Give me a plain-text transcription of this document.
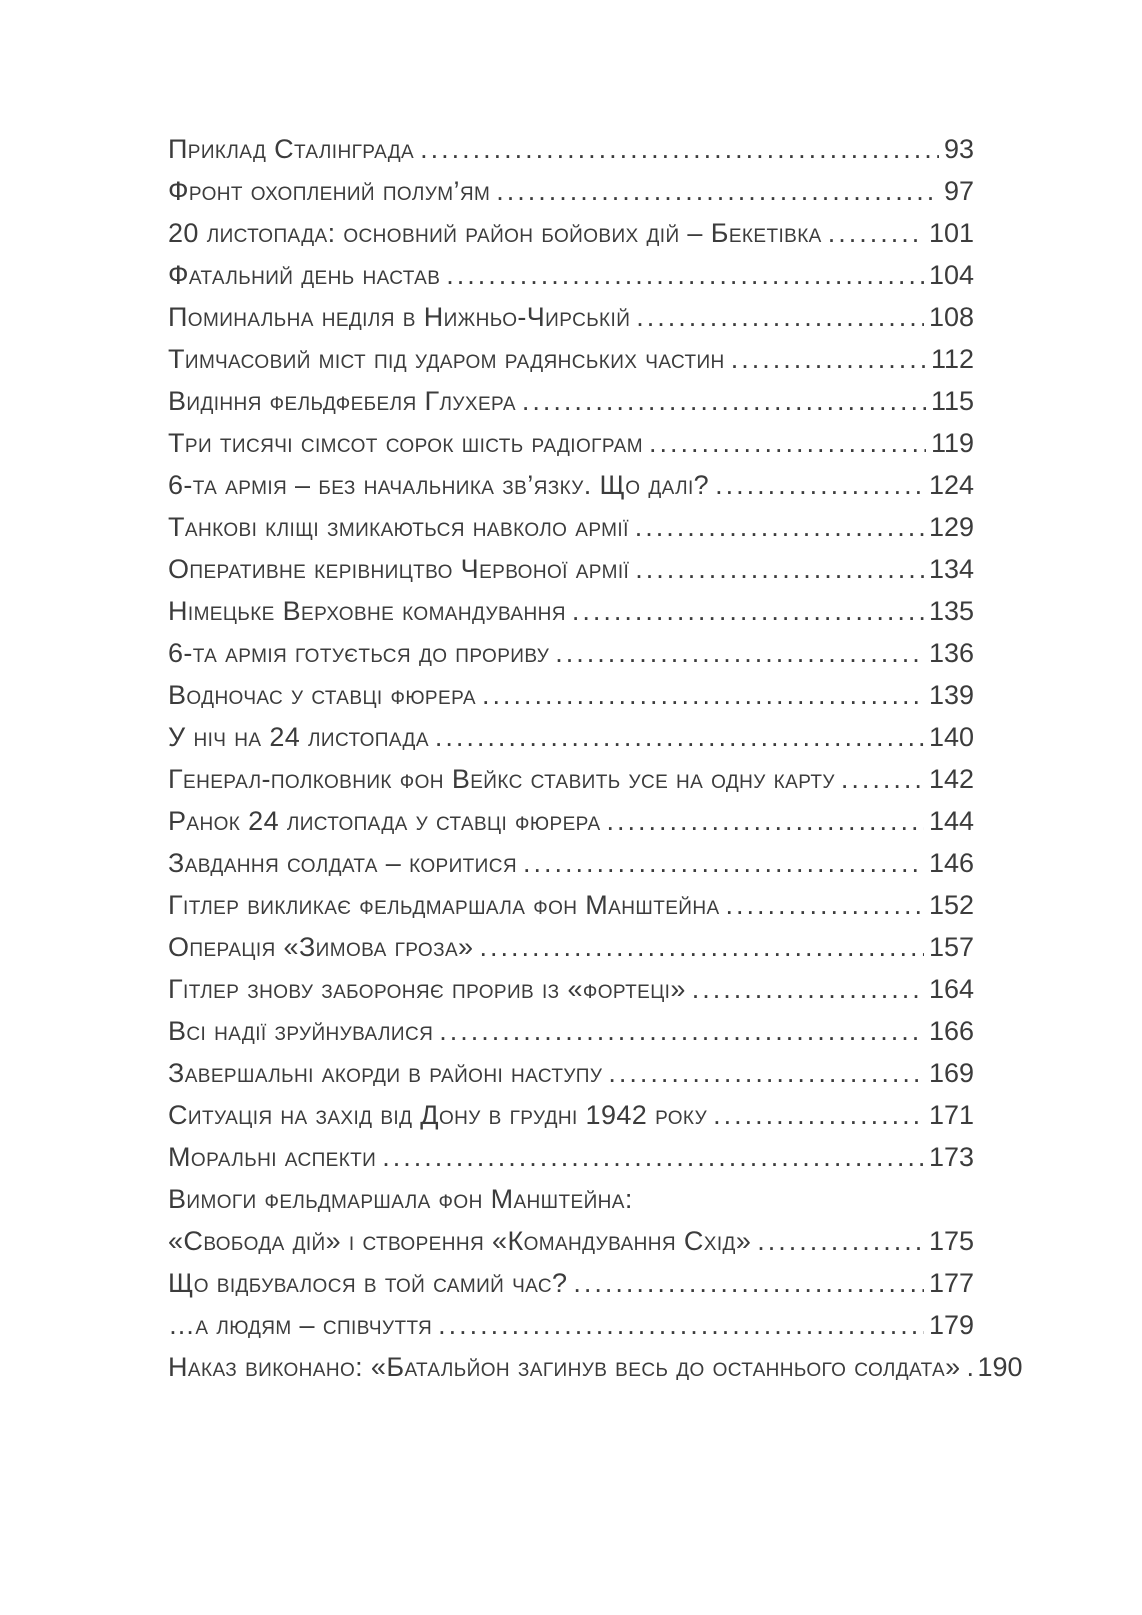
Приклад Сталінграда .....	93
Фронт охоплений полум’ям .....	97
20 листопада: основний район бойових дій – Бекетівка .....	101
Фатальний день настав .....	104
Поминальна неділя в Нижньо-Чирській .....	108
Тимчасовий міст під ударом радянських частин .....	112
Видіння фельдфебеля Глухера .....	115
Три тисячі сімсот сорок шість радіограм .....	119
6-та армія – без начальника зв’язку. Що далі? .....	124
Танкові кліщі змикаються навколо армії .....	129
Оперативне керівництво Червоної армії .....	134
Німецьке Верховне командування .....	135
6-та армія готується до прориву .....	136
Водночас у ставці фюрера .....	139
У ніч на 24 листопада .....	140
Генерал-полковник фон Вейкс ставить усе на одну карту .....	142
Ранок 24 листопада у ставці фюрера .....	144
Завдання солдата – коритися .....	146
Гітлер викликає фельдмаршала фон Манштейна .....	152
Операція «Зимова гроза» .....	157
Гітлер знову забороняє прорив із «фортеці» .....	164
Всі надії зруйнувалися .....	166
Завершальні акорди в районі наступу .....	169
Ситуація на захід від Дону в грудні 1942 року .....	171
Моральні аспекти .....	173
Вимоги фельдмаршала фон Манштейна:
«Свобода дій» і створення «Командування Схід» .....	175
Що відбувалося в той самий час? .....	177
…а людям – співчуття .....	179
Наказ виконано: «Батальйон загинув весь до останнього солдата» ..... 190
